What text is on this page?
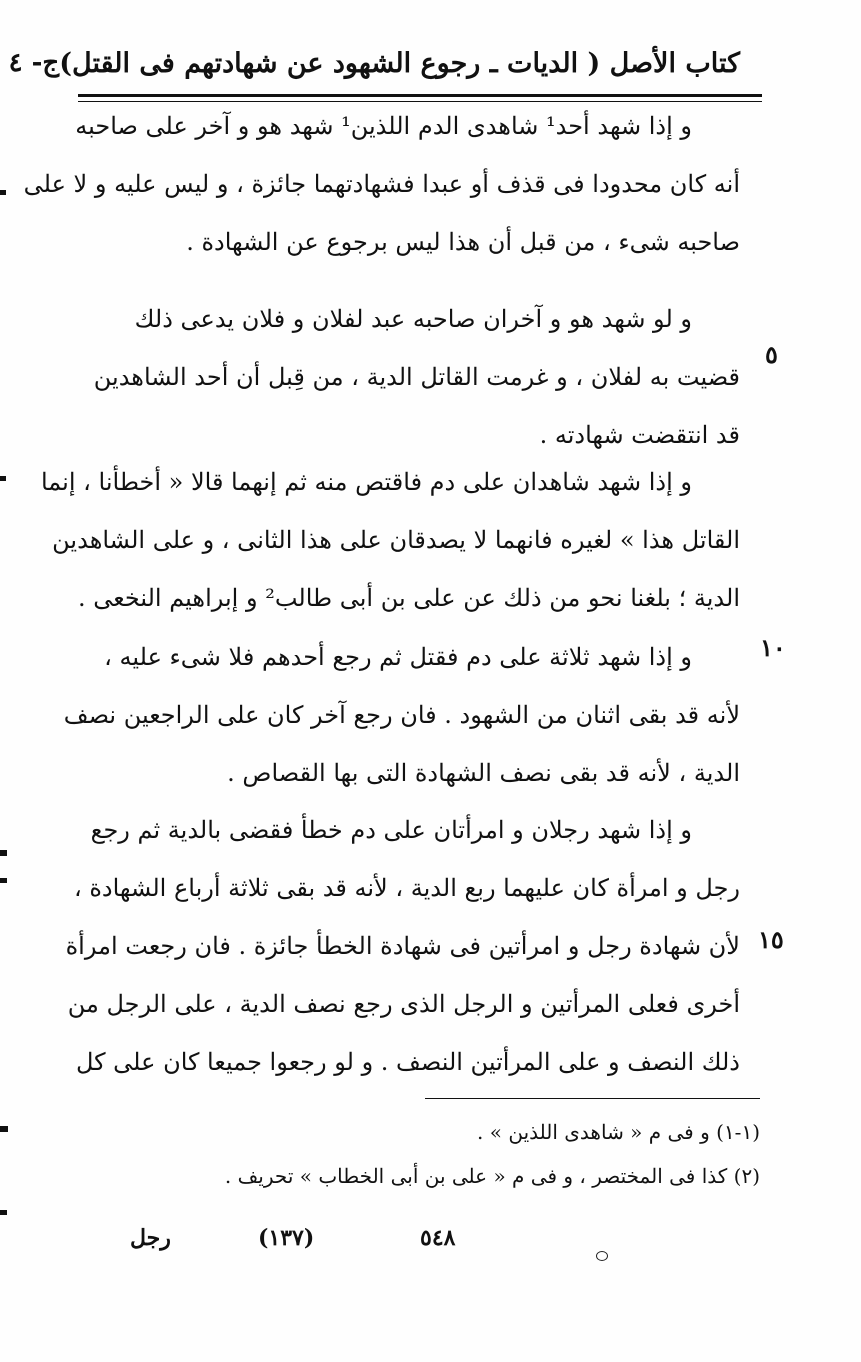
كتاب الأصل ( الديات ـ رجوع الشهود عن شهادتهم فى القتل)
ج- ٤
و إذا شهد أحد¹ شاهدى الدم اللذين¹ شهد هو و آخر على صاحبه
أنه كان محدودا فى قذف أو عبدا فشهادتهما جائزة ، و ليس عليه و لا على
صاحبه شىء ، من قبل أن هذا ليس برجوع عن الشهادة .
و لو شهد هو و آخران صاحبه عبد لفلان و فلان يدعى ذلك
قضيت به لفلان ، و غرمت القاتل الدية ، من قِبل أن أحد الشاهدين
قد انتقضت شهادته .
و إذا شهد شاهدان على دم فاقتص منه ثم إنهما قالا « أخطأنا ، إنما
القاتل هذا » لغيره فانهما لا يصدقان على هذا الثانى ، و على الشاهدين
الدية ؛ بلغنا نحو من ذلك عن على بن أبى طالب² و إبراهيم النخعى .
و إذا شهد ثلاثة على دم فقتل ثم رجع أحدهم فلا شىء عليه ،
لأنه قد بقى اثنان من الشهود . فان رجع آخر كان على الراجعين نصف
الدية ، لأنه قد بقى نصف الشهادة التى بها القصاص .
و إذا شهد رجلان و امرأتان على دم خطأ فقضى بالدية ثم رجع
رجل و امرأة كان عليهما ربع الدية ، لأنه قد بقى ثلاثة أرباع الشهادة ،
لأن شهادة رجل و امرأتين فى شهادة الخطأ جائزة . فان رجعت امرأة
أخرى فعلى المرأتين و الرجل الذى رجع نصف الدية ، على الرجل من
ذلك النصف و على المرأتين النصف . و لو رجعوا جميعا كان على كل
٥
١٠
١٥
(١-١) و فى م « شاهدى اللذين » .
(٢) كذا فى المختصر ، و فى م « على بن أبى الخطاب » تحريف .
رجل	(١٣٧)	٥٤٨
